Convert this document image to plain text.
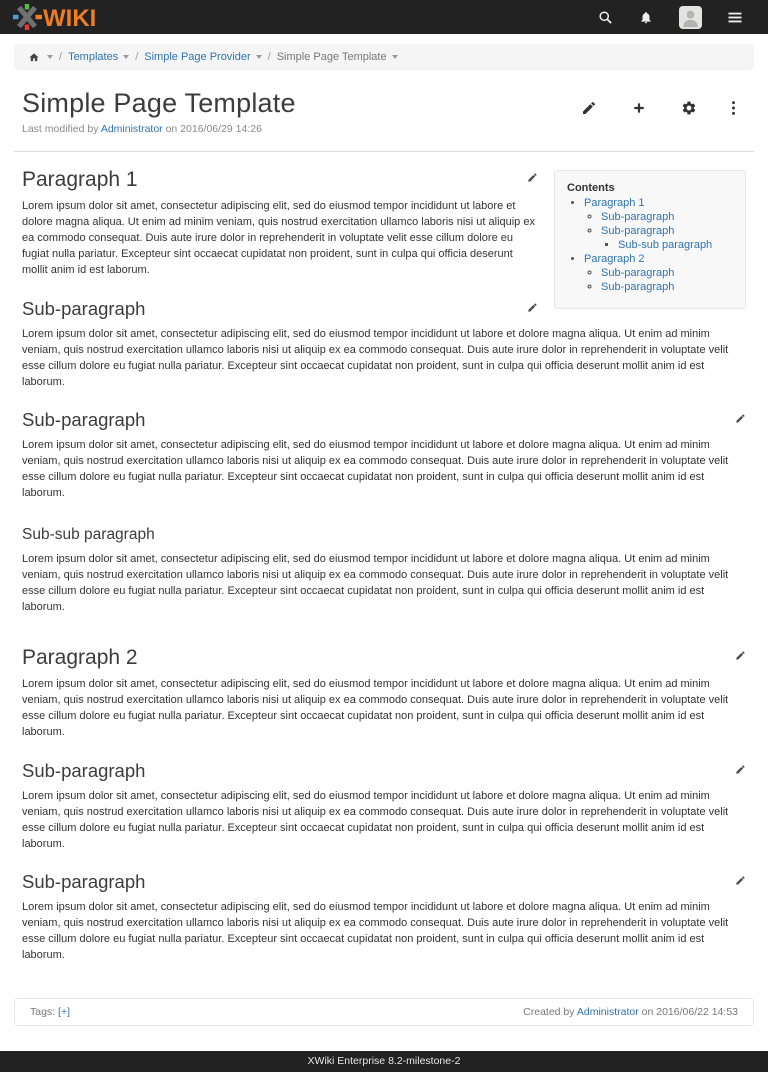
WIKI
/ Templates / Simple Page Provider / Simple Page Template
Simple Page Template
Last modified by Administrator on 2016/06/29 14:26

Contents

• Paragraph 1
◦ Sub-paragraph
◦ Sub-paragraph
▪ Sub-sub paragraph
• Paragraph 2
◦ Sub-paragraph
◦ Sub-paragraph
Paragraph 1

Lorem ipsum dolor sit amet, consectetur adipiscing elit, sed do eiusmod tempor incididunt ut labore et dolore magna aliqua. Ut enim ad minim veniam, quis nostrud exercitation ullamco laboris nisi ut aliquip ex ea commodo consequat. Duis aute irure dolor in reprehenderit in voluptate velit esse cillum dolore eu fugiat nulla pariatur. Excepteur sint occaecat cupidatat non proident, sunt in culpa qui officia deserunt mollit anim id est laborum.

Sub-paragraph

Lorem ipsum dolor sit amet, consectetur adipiscing elit, sed do eiusmod tempor incididunt ut labore et dolore magna aliqua. Ut enim ad minim veniam, quis nostrud exercitation ullamco laboris nisi ut aliquip ex ea commodo consequat. Duis aute irure dolor in reprehenderit in voluptate velit esse cillum dolore eu fugiat nulla pariatur. Excepteur sint occaecat cupidatat non proident, sunt in culpa qui officia deserunt mollit anim id est laborum.

Sub-paragraph

Lorem ipsum dolor sit amet, consectetur adipiscing elit, sed do eiusmod tempor incididunt ut labore et dolore magna aliqua. Ut enim ad minim veniam, quis nostrud exercitation ullamco laboris nisi ut aliquip ex ea commodo consequat. Duis aute irure dolor in reprehenderit in voluptate velit esse cillum dolore eu fugiat nulla pariatur. Excepteur sint occaecat cupidatat non proident, sunt in culpa qui officia deserunt mollit anim id est laborum.

Sub-sub paragraph

Lorem ipsum dolor sit amet, consectetur adipiscing elit, sed do eiusmod tempor incididunt ut labore et dolore magna aliqua. Ut enim ad minim veniam, quis nostrud exercitation ullamco laboris nisi ut aliquip ex ea commodo consequat. Duis aute irure dolor in reprehenderit in voluptate velit esse cillum dolore eu fugiat nulla pariatur. Excepteur sint occaecat cupidatat non proident, sunt in culpa qui officia deserunt mollit anim id est laborum.

Paragraph 2

Lorem ipsum dolor sit amet, consectetur adipiscing elit, sed do eiusmod tempor incididunt ut labore et dolore magna aliqua. Ut enim ad minim veniam, quis nostrud exercitation ullamco laboris nisi ut aliquip ex ea commodo consequat. Duis aute irure dolor in reprehenderit in voluptate velit esse cillum dolore eu fugiat nulla pariatur. Excepteur sint occaecat cupidatat non proident, sunt in culpa qui officia deserunt mollit anim id est laborum.

Sub-paragraph

Lorem ipsum dolor sit amet, consectetur adipiscing elit, sed do eiusmod tempor incididunt ut labore et dolore magna aliqua. Ut enim ad minim veniam, quis nostrud exercitation ullamco laboris nisi ut aliquip ex ea commodo consequat. Duis aute irure dolor in reprehenderit in voluptate velit esse cillum dolore eu fugiat nulla pariatur. Excepteur sint occaecat cupidatat non proident, sunt in culpa qui officia deserunt mollit anim id est laborum.

Sub-paragraph

Lorem ipsum dolor sit amet, consectetur adipiscing elit, sed do eiusmod tempor incididunt ut labore et dolore magna aliqua. Ut enim ad minim veniam, quis nostrud exercitation ullamco laboris nisi ut aliquip ex ea commodo consequat. Duis aute irure dolor in reprehenderit in voluptate velit esse cillum dolore eu fugiat nulla pariatur. Excepteur sint occaecat cupidatat non proident, sunt in culpa qui officia deserunt mollit anim id est laborum.

Tags: [+]	Created by Administrator on 2016/06/22 14:53
XWiki Enterprise 8.2-milestone-2
